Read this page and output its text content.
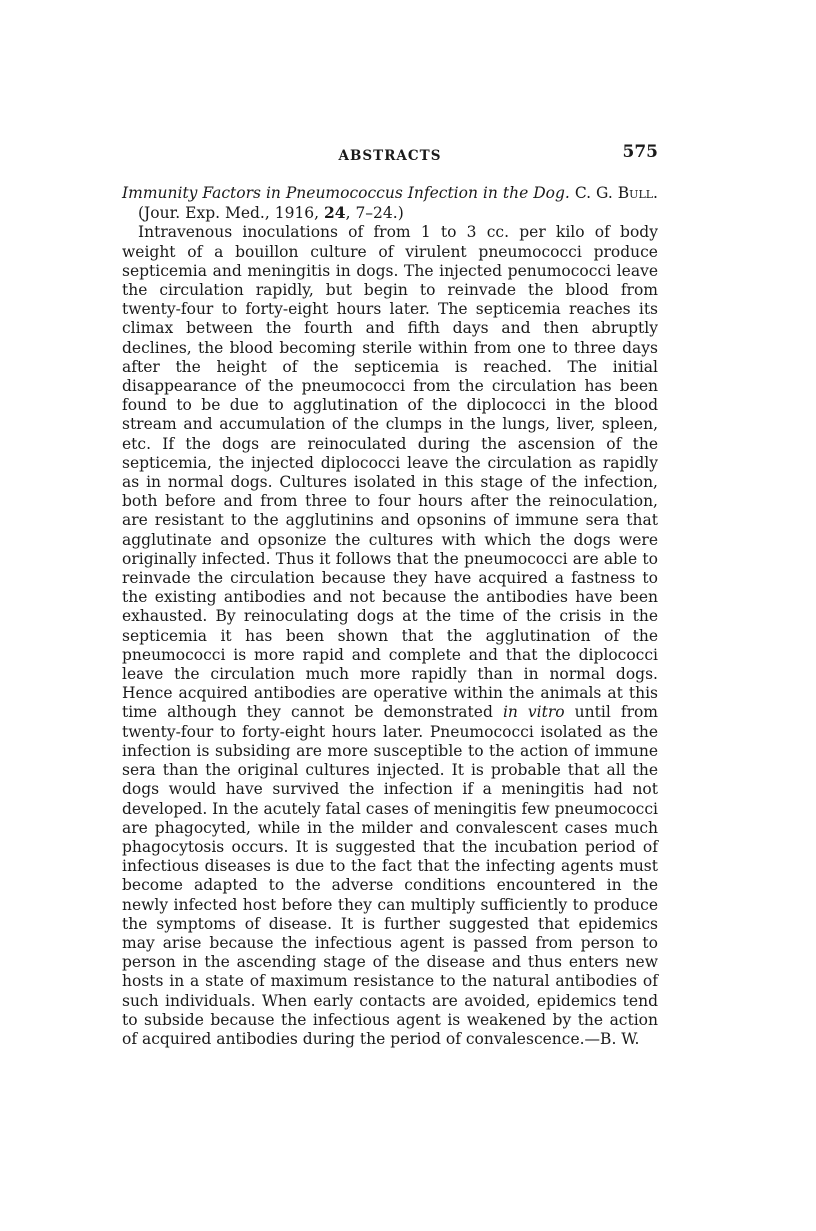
ABSTRACTS	575

Immunity Factors in Pneumococcus Infection in the Dog. C. G. Bull. (Jour. Exp. Med., 1916, 24, 7–24.)

Intravenous inoculations of from 1 to 3 cc. per kilo of body weight of a bouillon culture of virulent pneumococci produce septicemia and meningitis in dogs. The injected penumococci leave the circulation rapidly, but begin to reinvade the blood from twenty-four to forty-eight hours later. The septicemia reaches its climax between the fourth and fifth days and then abruptly declines, the blood becoming sterile within from one to three days after the height of the septicemia is reached. The initial disappearance of the pneumococci from the circulation has been found to be due to agglutination of the diplococci in the blood stream and accumulation of the clumps in the lungs, liver, spleen, etc. If the dogs are reinoculated during the ascension of the septicemia, the injected diplococci leave the circulation as rapidly as in normal dogs. Cultures isolated in this stage of the infection, both before and from three to four hours after the reinoculation, are resistant to the agglutinins and opsonins of immune sera that agglutinate and opsonize the cultures with which the dogs were originally infected. Thus it follows that the pneumococci are able to reinvade the circulation because they have acquired a fastness to the existing antibodies and not because the antibodies have been exhausted. By reinoculating dogs at the time of the crisis in the septicemia it has been shown that the agglutination of the pneumococci is more rapid and complete and that the diplococci leave the circulation much more rapidly than in normal dogs. Hence acquired antibodies are operative within the animals at this time although they cannot be demonstrated in vitro until from twenty-four to forty-eight hours later. Pneumococci isolated as the infection is subsiding are more susceptible to the action of immune sera than the original cultures injected. It is probable that all the dogs would have survived the infection if a meningitis had not developed. In the acutely fatal cases of meningitis few pneumococci are phagocyted, while in the milder and convalescent cases much phagocytosis occurs. It is suggested that the incubation period of infectious diseases is due to the fact that the infecting agents must become adapted to the adverse conditions encountered in the newly infected host before they can multiply sufficiently to produce the symptoms of disease. It is further suggested that epidemics may arise because the infectious agent is passed from person to person in the ascending stage of the disease and thus enters new hosts in a state of maximum resistance to the natural antibodies of such individuals. When early contacts are avoided, epidemics tend to subside because the infectious agent is weakened by the action of acquired antibodies during the period of convalescence.—B. W.
